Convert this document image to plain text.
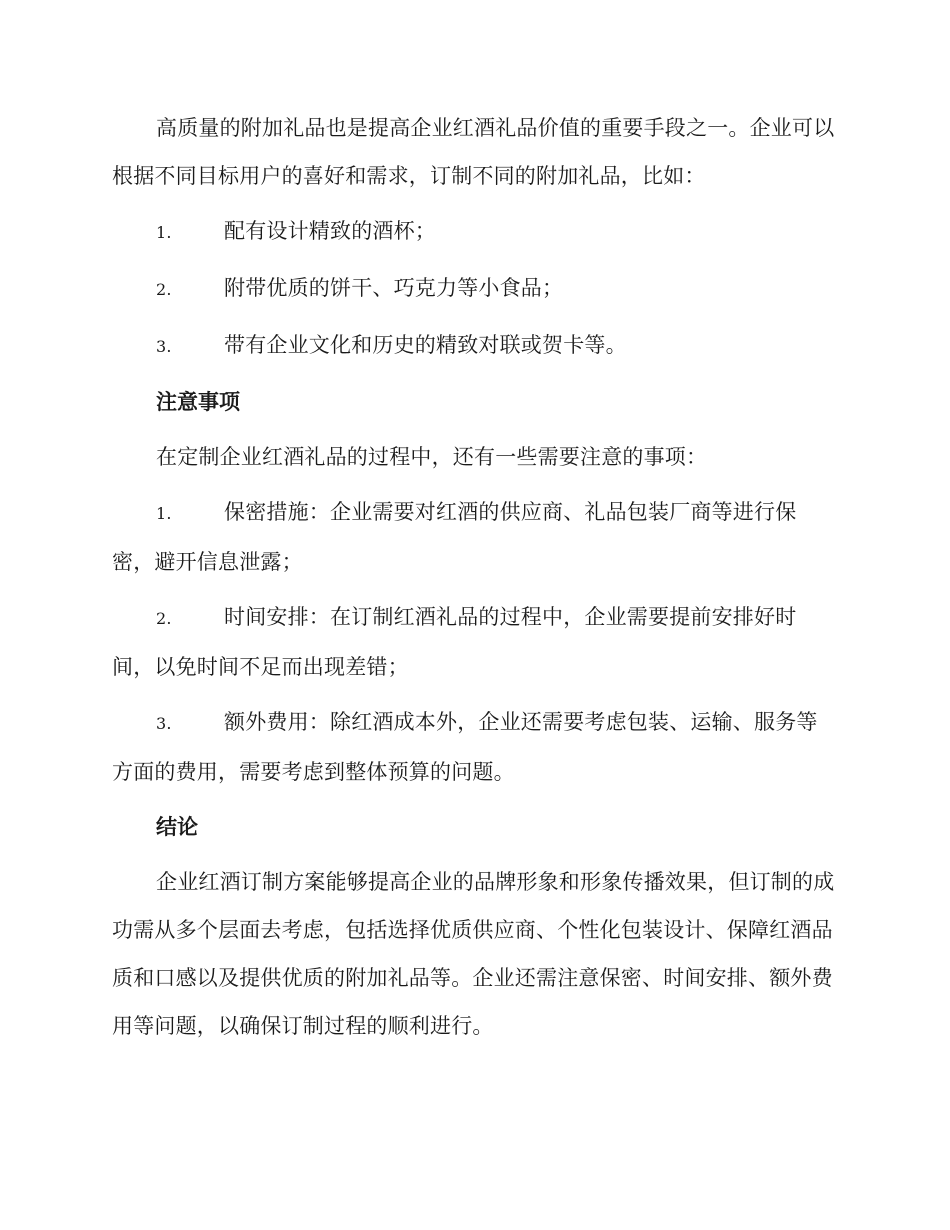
高质量的附加礼品也是提高企业红酒礼品价值的重要手段之一。企业可以根据不同目标用户的喜好和需求，订制不同的附加礼品，比如：

1. 配有设计精致的酒杯；
2. 附带优质的饼干、巧克力等小食品；
3. 带有企业文化和历史的精致对联或贺卡等。
注意事项

在定制企业红酒礼品的过程中，还有一些需要注意的事项：

1. 保密措施：企业需要对红酒的供应商、礼品包装厂商等进行保密，避开信息泄露；
2. 时间安排：在订制红酒礼品的过程中，企业需要提前安排好时间，以免时间不足而出现差错；
3. 额外费用：除红酒成本外，企业还需要考虑包装、运输、服务等方面的费用，需要考虑到整体预算的问题。
结论

企业红酒订制方案能够提高企业的品牌形象和形象传播效果，但订制的成功需从多个层面去考虑，包括选择优质供应商、个性化包装设计、保障红酒品质和口感以及提供优质的附加礼品等。企业还需注意保密、时间安排、额外费用等问题，以确保订制过程的顺利进行。
